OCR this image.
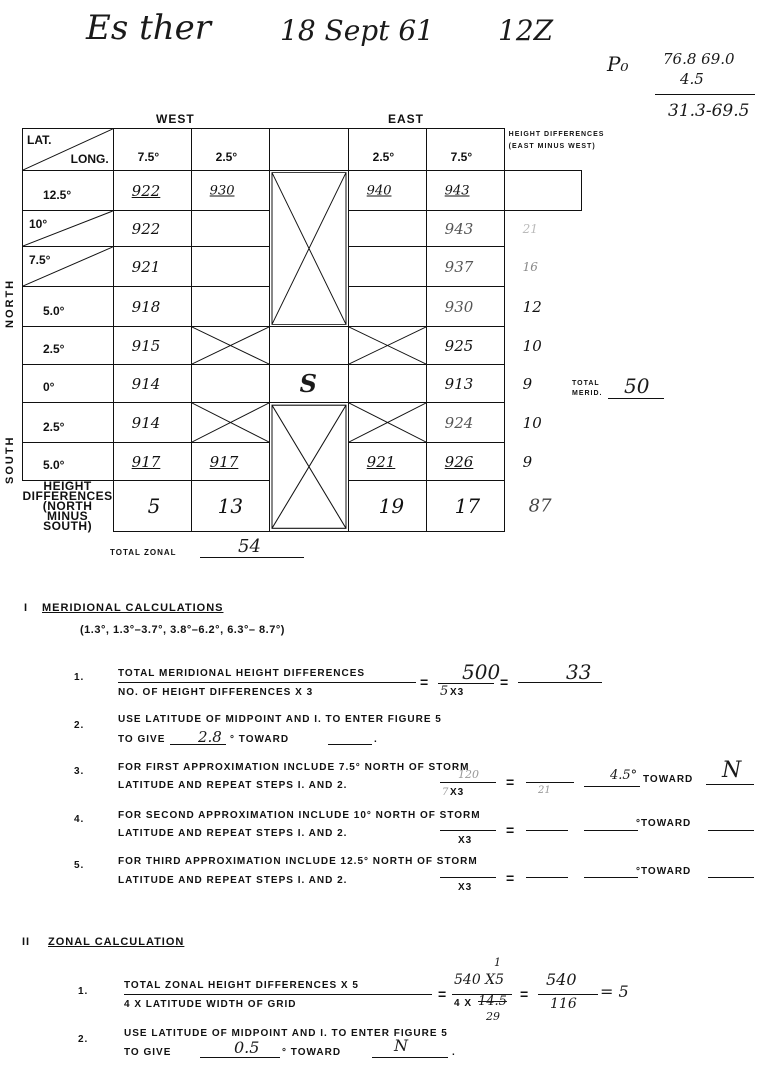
Es ther 18 Sept 61 12Z
P₀ 76.8 69.0
4.5
31.3-69.5
WEST	EAST
NORTH
SOUTH
LAT.
LONG.	7.5°	2.5°		2.5°	7.5°	HEIGHT DIFFERENCES (EAST MINUS WEST)

12.5°	922	930		940	943	

10°	922				943	21

7.5°	921				937	16

5.0°	918				930	12

2.5°	915				925	10

0°	914		S		913	9

2.5°	914				924	10

5.0°	917	917		921	926	9

HEIGHT DIFFERENCES (NORTH MINUS SOUTH)	5	13		19	17	87
TOTAL MERID.	50
TOTAL ZONAL	54
I MERIDIONAL CALCULATIONS
(1.3°, 1.3°–3.7°, 3.8°–6.2°, 6.3°– 8.7°)
1.	TOTAL MERIDIONAL HEIGHT DIFFERENCES
NO. OF HEIGHT DIFFERENCES X 3
= 500
5 X3
=	33
2.
USE LATITUDE OF MIDPOINT AND I. TO ENTER FIGURE 5
TO GIVE 2.8 ° TOWARD	.
3.	FOR FIRST APPROXIMATION INCLUDE 7.5° NORTH OF STORM
LATITUDE AND REPEAT STEPS I. AND 2.
120
7 X3
=
21
4.5° TOWARD N
4.	FOR SECOND APPROXIMATION INCLUDE 10° NORTH OF STORM
LATITUDE AND REPEAT STEPS I. AND 2.
X3
=	°TOWARD
5.	FOR THIRD APPROXIMATION INCLUDE 12.5° NORTH OF STORM
LATITUDE AND REPEAT STEPS I. AND 2.
X3
=	°TOWARD
II ZONAL CALCULATION
1.
TOTAL ZONAL HEIGHT DIFFERENCES X 5
4 X LATITUDE WIDTH OF GRID
=
1
540 X5
4 X 14.5
29
=
540
116
= 5
2.
USE LATITUDE OF MIDPOINT AND I. TO ENTER FIGURE 5
TO GIVE	0.5 ° TOWARD	N	.
